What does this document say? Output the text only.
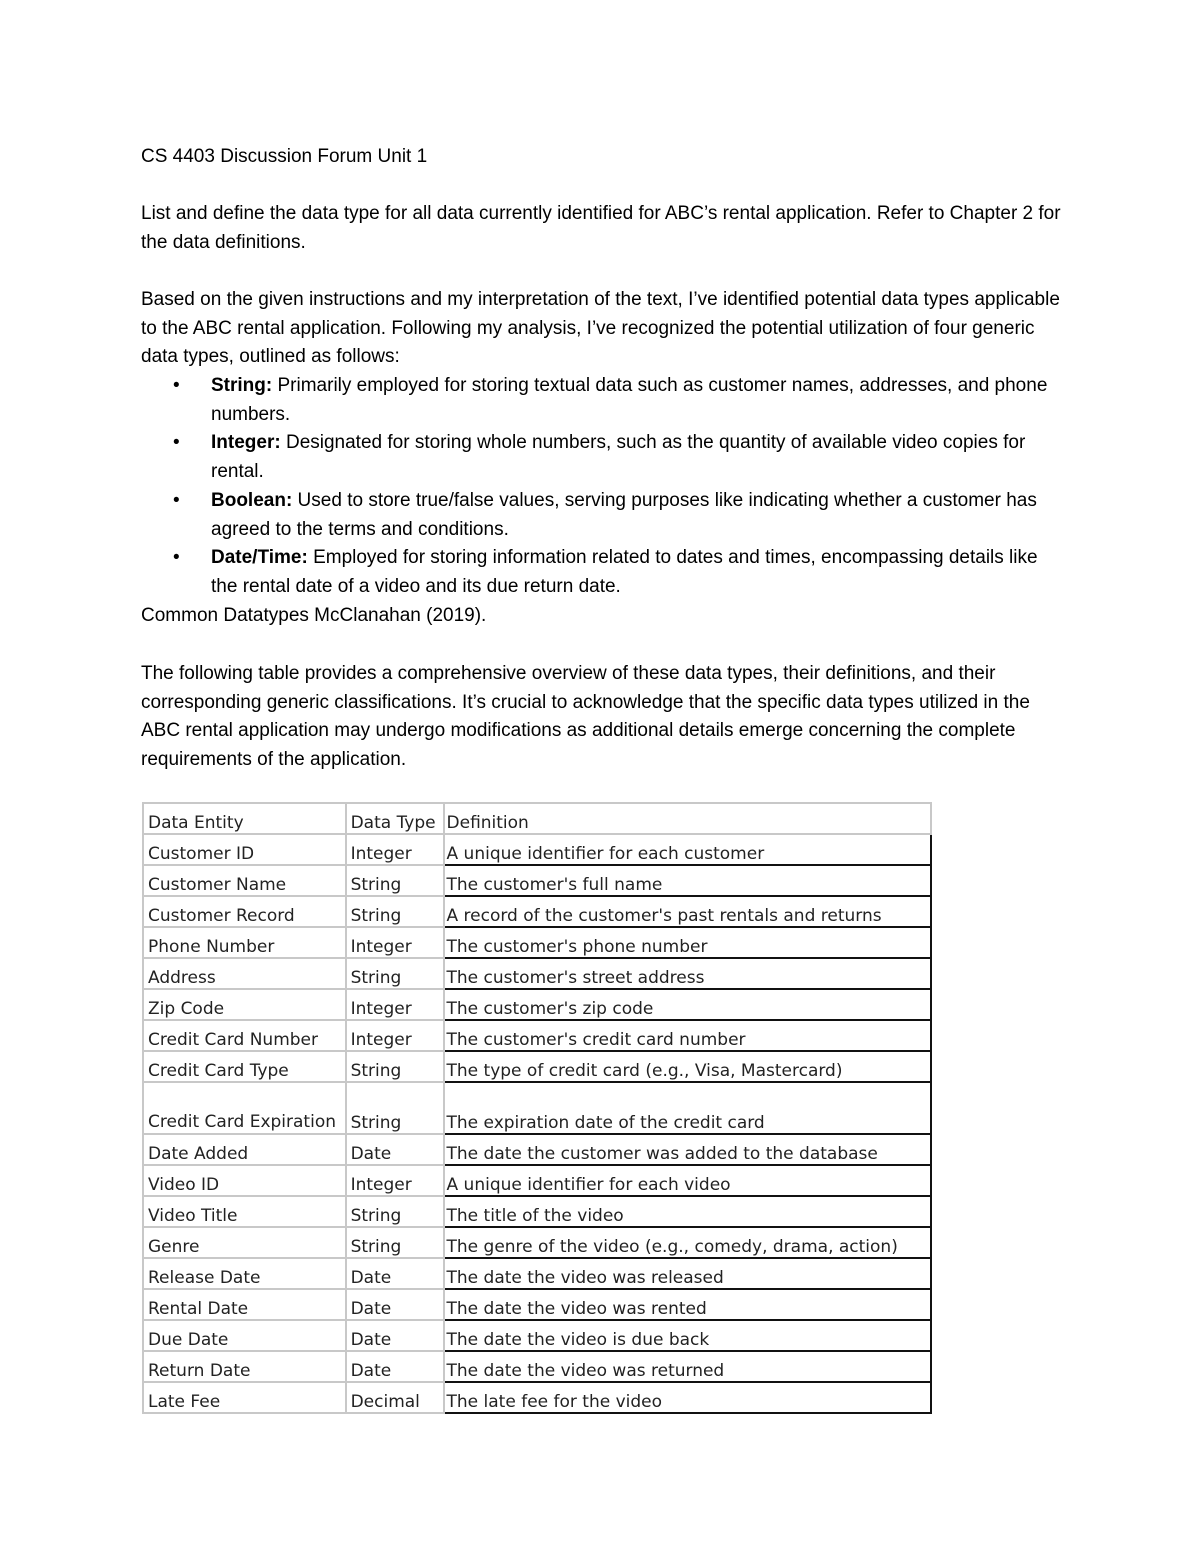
CS 4403 Discussion Forum Unit 1
List and define the data type for all data currently identified for ABC’s rental application. Refer to Chapter 2 for the data definitions.
Based on the given instructions and my interpretation of the text, I’ve identified potential data types applicable to the ABC rental application. Following my analysis, I’ve recognized the potential utilization of four generic data types, outlined as follows:
• String: Primarily employed for storing textual data such as customer names, addresses, and phone numbers.
• Integer: Designated for storing whole numbers, such as the quantity of available video copies for rental.
• Boolean: Used to store true/false values, serving purposes like indicating whether a customer has agreed to the terms and conditions.
• Date/Time: Employed for storing information related to dates and times, encompassing details like the rental date of a video and its due return date.
Common Datatypes McClanahan (2019).
The following table provides a comprehensive overview of these data types, their definitions, and their corresponding generic classifications. It’s crucial to acknowledge that the specific data types utilized in the ABC rental application may undergo modifications as additional details emerge concerning the complete requirements of the application.
Data Entity	Data Type	Definition
Customer ID	Integer	A unique identifier for each customer
Customer Name	String	The customer's full name
Customer Record	String	A record of the customer's past rentals and returns
Phone Number	Integer	The customer's phone number
Address	String	The customer's street address
Zip Code	Integer	The customer's zip code
Credit Card Number	Integer	The customer's credit card number
Credit Card Type	String	The type of credit card (e.g., Visa, Mastercard)
Credit Card Expiration	String	The expiration date of the credit card
Date Added	Date	The date the customer was added to the database
Video ID	Integer	A unique identifier for each video
Video Title	String	The title of the video
Genre	String	The genre of the video (e.g., comedy, drama, action)
Release Date	Date	The date the video was released
Rental Date	Date	The date the video was rented
Due Date	Date	The date the video is due back
Return Date	Date	The date the video was returned
Late Fee	Decimal	The late fee for the video
